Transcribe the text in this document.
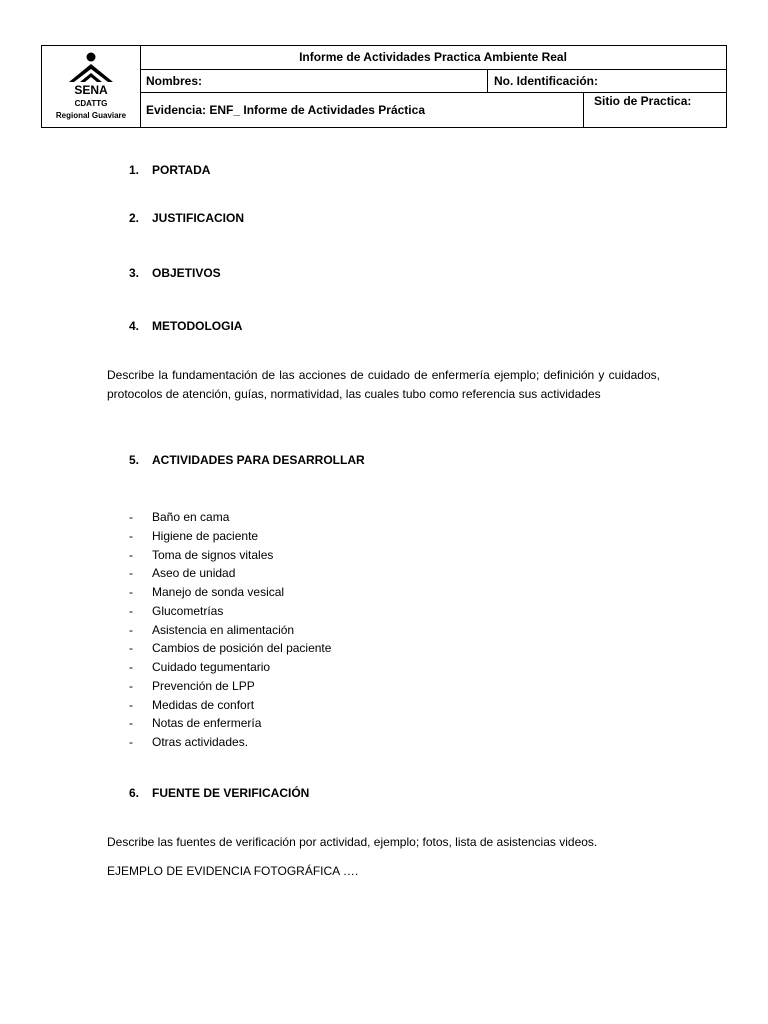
SENA
CDATTG
Regional Guaviare
Informe de Actividades Practica Ambiente Real
Nombres:	No. Identificación:
Evidencia: ENF_ Informe de Actividades Práctica
Sitio de Practica:
1. PORTADA
2. JUSTIFICACION
3. OBJETIVOS
4. METODOLOGIA
Describe la fundamentación de las acciones de cuidado de enfermería ejemplo; definición y cuidados, protocolos de atención, guías, normatividad, las cuales tubo como referencia sus actividades
5. ACTIVIDADES PARA DESARROLLAR
- Baño en cama
- Higiene de paciente
- Toma de signos vitales
- Aseo de unidad
- Manejo de sonda vesical
- Glucometrías
- Asistencia en alimentación
- Cambios de posición del paciente
- Cuidado tegumentario
- Prevención de LPP
- Medidas de confort
- Notas de enfermería
- Otras actividades.
6. FUENTE DE VERIFICACIÓN
Describe las fuentes de verificación por actividad, ejemplo; fotos, lista de asistencias videos.
EJEMPLO DE EVIDENCIA FOTOGRÁFICA ….
